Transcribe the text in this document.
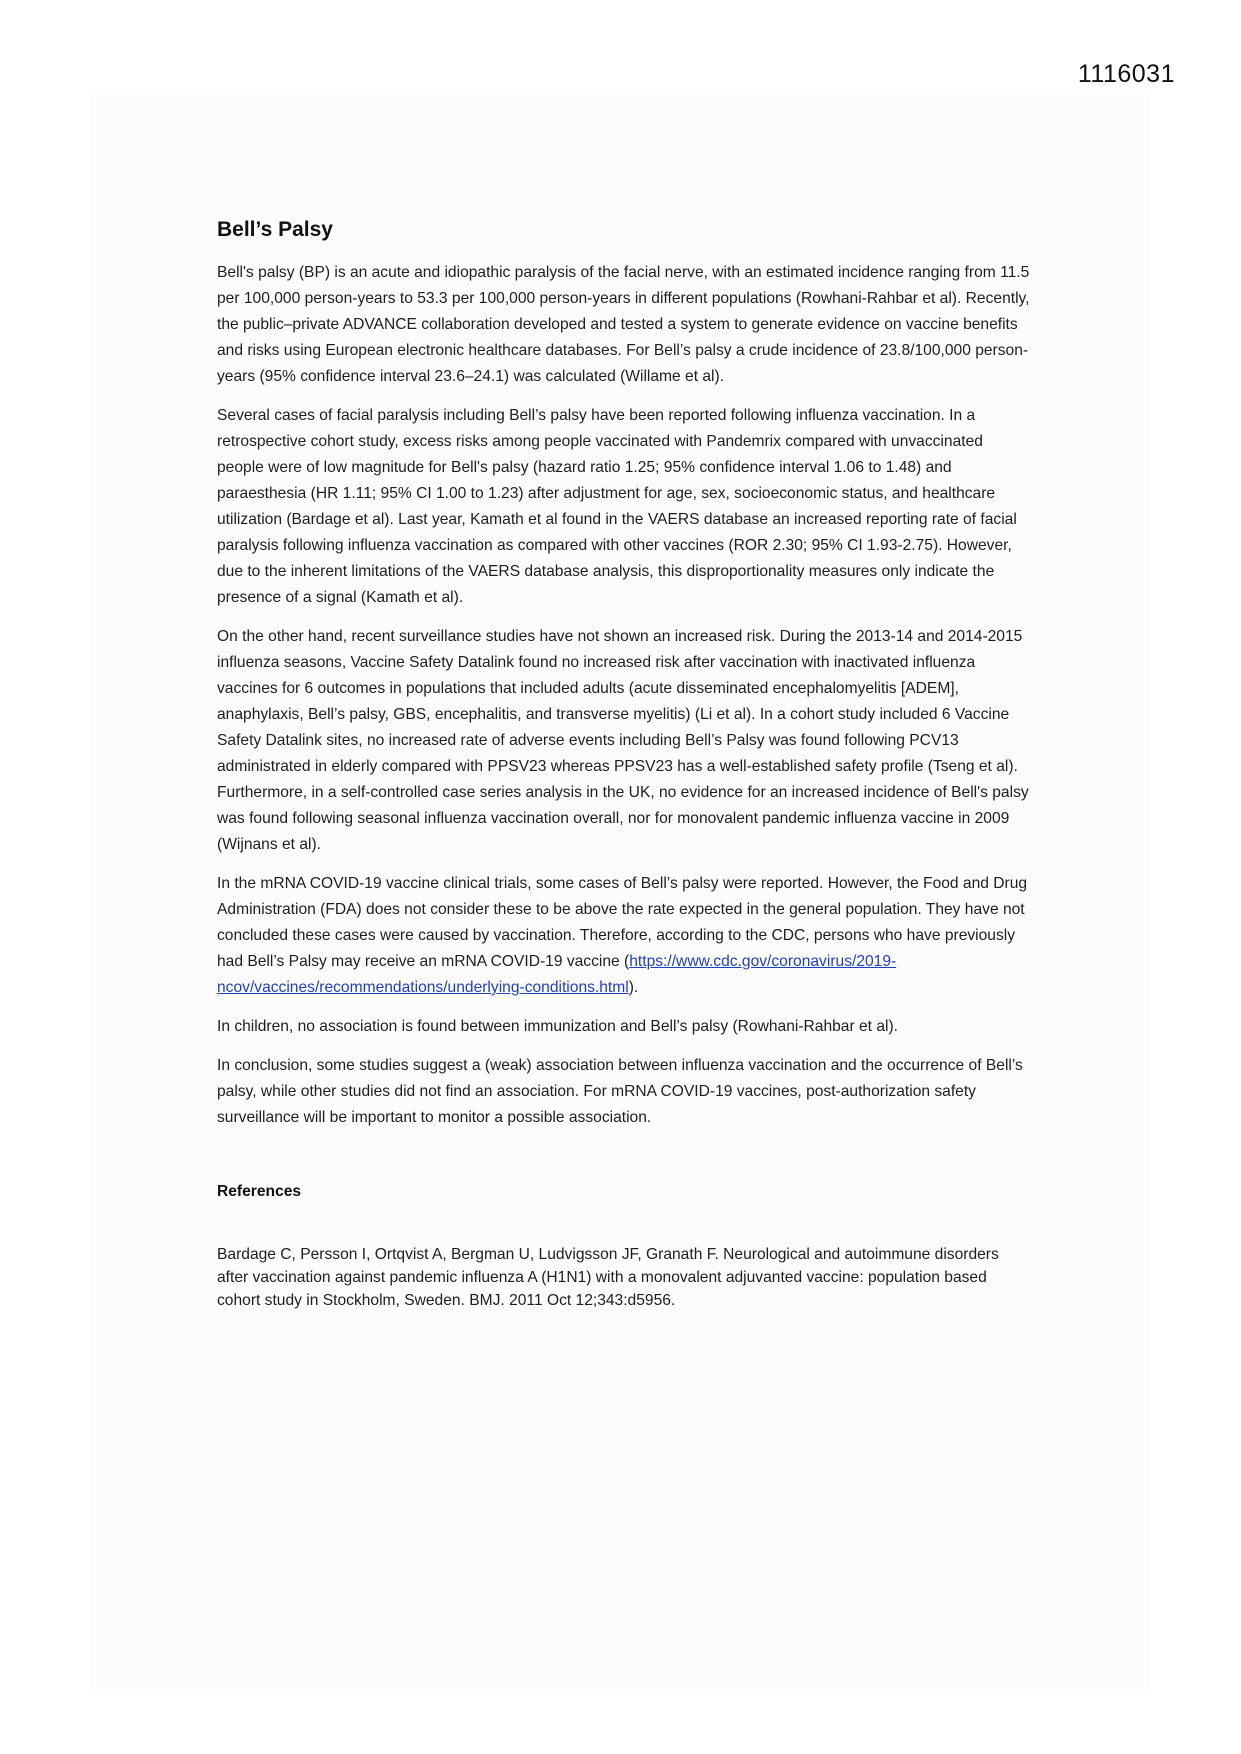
1116031
Bell’s Palsy

Bell's palsy (BP) is an acute and idiopathic paralysis of the facial nerve, with an estimated incidence ranging from 11.5 per 100,000 person-years to 53.3 per 100,000 person-years in different populations (Rowhani-Rahbar et al). Recently, the public–private ADVANCE collaboration developed and tested a system to generate evidence on vaccine benefits and risks using European electronic healthcare databases. For Bell’s palsy a crude incidence of 23.8/100,000 person-years (95% confidence interval 23.6–24.1) was calculated (Willame et al).

Several cases of facial paralysis including Bell’s palsy have been reported following influenza vaccination. In a retrospective cohort study, excess risks among people vaccinated with Pandemrix compared with unvaccinated people were of low magnitude for Bell's palsy (hazard ratio 1.25; 95% confidence interval 1.06 to 1.48) and paraesthesia (HR 1.11; 95% CI 1.00 to 1.23) after adjustment for age, sex, socioeconomic status, and healthcare utilization (Bardage et al). Last year, Kamath et al found in the VAERS database an increased reporting rate of facial paralysis following influenza vaccination as compared with other vaccines (ROR 2.30; 95% CI 1.93-2.75). However, due to the inherent limitations of the VAERS database analysis, this disproportionality measures only indicate the presence of a signal (Kamath et al).

On the other hand, recent surveillance studies have not shown an increased risk. During the 2013-14 and 2014-2015 influenza seasons, Vaccine Safety Datalink found no increased risk after vaccination with inactivated influenza vaccines for 6 outcomes in populations that included adults (acute disseminated encephalomyelitis [ADEM], anaphylaxis, Bell’s palsy, GBS, encephalitis, and transverse myelitis) (Li et al). In a cohort study included 6 Vaccine Safety Datalink sites, no increased rate of adverse events including Bell’s Palsy was found following PCV13 administrated in elderly compared with PPSV23 whereas PPSV23 has a well-established safety profile (Tseng et al). Furthermore, in a self-controlled case series analysis in the UK, no evidence for an increased incidence of Bell's palsy was found following seasonal influenza vaccination overall, nor for monovalent pandemic influenza vaccine in 2009 (Wijnans et al).

In the mRNA COVID-19 vaccine clinical trials, some cases of Bell’s palsy were reported. However, the Food and Drug Administration (FDA) does not consider these to be above the rate expected in the general population. They have not concluded these cases were caused by vaccination. Therefore, according to the CDC, persons who have previously had Bell’s Palsy may receive an mRNA COVID-19 vaccine (https://www.cdc.gov/coronavirus/2019-ncov/vaccines/recommendations/underlying-conditions.html).

In children, no association is found between immunization and Bell’s palsy (Rowhani-Rahbar et al).

In conclusion, some studies suggest a (weak) association between influenza vaccination and the occurrence of Bell’s palsy, while other studies did not find an association. For mRNA COVID-19 vaccines, post-authorization safety surveillance will be important to monitor a possible association.

References

Bardage C, Persson I, Ortqvist A, Bergman U, Ludvigsson JF, Granath F. Neurological and autoimmune disorders after vaccination against pandemic influenza A (H1N1) with a monovalent adjuvanted vaccine: population based cohort study in Stockholm, Sweden. BMJ. 2011 Oct 12;343:d5956.
